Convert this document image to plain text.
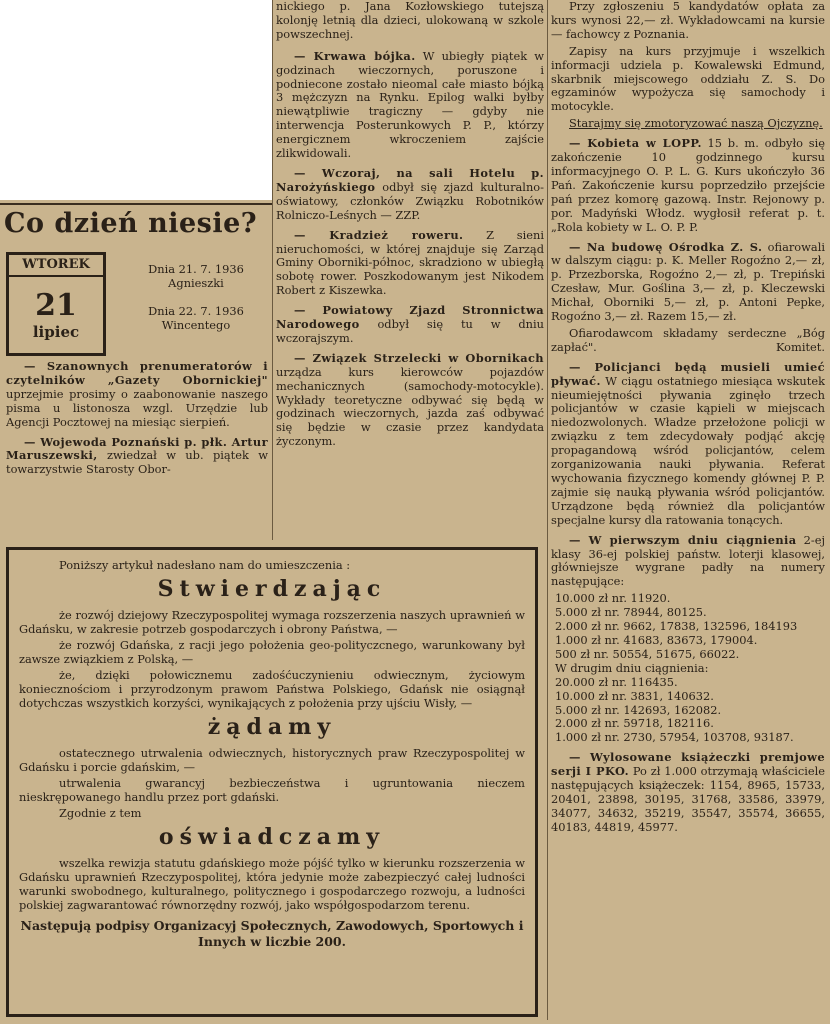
Co dzień niesie?
WTOREK
21
lipiec
Dnia 21. 7. 1936
Agnieszki
Dnia 22. 7. 1936
Wincentego

— Szanownych prenumeratorów i czytelników „Gazety Obornickiej" uprzejmie prosimy o zaabonowanie naszego pisma u listonosza wzgl. Urzędzie lub Agencji Pocztowej na miesiąc sierpień.

— Wojewoda Poznański p. płk. Artur Maruszewski, zwiedzał w ub. piątek w towarzystwie Starosty Obor-

nickiego p. Jana Kozłowskiego tutejszą kolonję letnią dla dzieci, ulokowaną w szkole powszechnej.

— Krwawa bójka. W ubiegły piątek w godzinach wieczornych, poruszone i podniecone zostało nieomal całe miasto bójką 3 mężczyzn na Rynku. Epilog walki byłby niewątpliwie tragiczny — gdyby nie interwencja Posterunkowych P. P., którzy energicznem wkroczeniem zajście zlikwidowali.

— Wczoraj, na sali Hotelu p. Narożyńskiego odbył się zjazd kulturalno-oświatowy, członków Związku Robotników Rolniczo-Leśnych — ZZP.

— Kradzież roweru. Z sieni nieruchomości, w której znajduje się Zarząd Gminy Oborniki-północ, skradziono w ubiegłą sobotę rower. Poszkodowanym jest Nikodem Robert z Kiszewka.

— Powiatowy Zjazd Stronnictwa Narodowego odbył się tu w dniu wczorajszym.

— Związek Strzelecki w Obornikach urządza kurs kierowców pojazdów mechanicznych (samochody-motocykle). Wykłady teoretyczne odbywać się będą w godzinach wieczornych, jazda zaś odbywać się będzie w czasie przez kandydata życzonym.

Przy zgłoszeniu 5 kandydatów opłata za kurs wynosi 22,— zł. Wykładowcami na kursie — fachowcy z Poznania.

Zapisy na kurs przyjmuje i wszelkich informacji udziela p. Kowalewski Edmund, skarbnik miejscowego oddziału Z. S. Do egzaminów wypożycza się samochody i motocykle.

Starajmy się zmotoryzować naszą Ojczyznę.

— Kobieta w LOPP. 15 b. m. odbyło się zakończenie 10 godzinnego kursu informacyjnego O. P. L. G. Kurs ukończyło 36 Pań. Zakończenie kursu poprzedziło przejście pań przez komorę gazową. Instr. Rejonowy p. por. Madyński Włodz. wygłosił referat p. t. „Rola kobiety w L. O. P. P.

— Na budowę Ośrodka Z. S. ofiarowali w dalszym ciągu: p. K. Meller Rogoźno 2,— zł, p. Przezborska, Rogoźno 2,— zł, p. Trepiński Czesław, Mur. Goślina 3,— zł, p. Kleczewski Michał, Oborniki 5,— zł, p. Antoni Pepke, Rogoźno 3,— zł. Razem 15,— zł.

Ofiarodawcom składamy serdeczne „Bóg zapłać".	Komitet.

— Policjanci będą musieli umieć pływać. W ciągu ostatniego miesiąca wskutek nieumiejętności pływania zginęło trzech policjantów w czasie kąpieli w miejscach niedozwolonych. Władze przełożone policji w związku z tem zdecydowały podjąć akcję propagandową wśród policjantów, celem zorganizowania nauki pływania. Referat wychowania fizycznego komendy głównej P. P. zajmie się nauką pływania wśród policjantów. Urządzone będą również dla policjantów specjalne kursy dla ratowania tonących.

— W pierwszym dniu ciągnienia 2-ej klasy 36-ej polskiej państw. loterji klasowej, główniejsze wygrane padły na numery następujące:

10.000 zł nr. 11920.
5.000 zł nr. 78944, 80125.
2.000 zł nr. 9662, 17838, 132596, 184193
1.000 zł nr. 41683, 83673, 179004.
500 zł nr. 50554, 51675, 66022.
W drugim dniu ciągnienia:
20.000 zł nr. 116435.
10.000 zł nr. 3831, 140632.
5.000 zł nr. 142693, 162082.
2.000 zł nr. 59718, 182116.
1.000 zł nr. 2730, 57954, 103708, 93187.

— Wylosowane książeczki premjowe serji I PKO. Po zł 1.000 otrzymają właściciele następujących książeczek: 1154, 8965, 15733, 20401, 23898, 30195, 31768, 33586, 33979, 34077, 34632, 35219, 35547, 35574, 36655, 40183, 44819, 45977.

Poniższy artykuł nadesłano nam do umieszczenia :

Stwierdzając

że rozwój dziejowy Rzeczypospolitej wymaga rozszerzenia naszych uprawnień w Gdańsku, w zakresie potrzeb gospodarczych i obrony Państwa, —

że rozwój Gdańska, z racji jego położenia geo-polityczcnego, warunkowany był zawsze związkiem z Polską, —

że, dzięki połowicznemu zadośćuczynieniu odwiecznym, życiowym koniecznościom i przyrodzonym prawom Państwa Polskiego, Gdańsk nie osiągnął dotychczas wszystkich korzyści, wynikających z położenia przy ujściu Wisły, —

żądamy

ostatecznego utrwalenia odwiecznych, historycznych praw Rzeczypospolitej w Gdańsku i porcie gdańskim, —

utrwalenia gwarancyj bezbieczeństwa i ugruntowania nieczem nieskrępowanego handlu przez port gdański.

Zgodnie z tem

oświadczamy

wszelka rewizja statutu gdańskiego może pójść tylko w kierunku rozszerzenia w Gdańsku uprawnień Rzeczypospolitej, która jedynie może zabezpieczyć całej ludności warunki swobodnego, kulturalnego, politycznego i gospodarczego rozwoju, a ludności polskiej zagwarantować równorzędny rozwój, jako współgospodarzom terenu.

Następują podpisy Organizacyj Społecznych, Zawodowych, Sportowych i Innych w liczbie 200.
